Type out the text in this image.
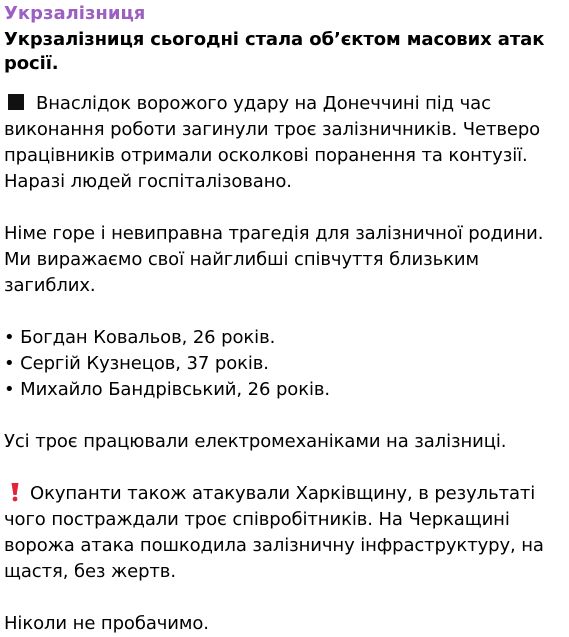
Укрзалізниця
Укрзалізниця сьогодні стала об’єктом масових атак росії.
Внаслідок ворожого удару на Донеччині під час
виконання роботи загинули троє залізничників. Четверо
працівників отримали осколкові поранення та контузії.
Наразі людей госпіталізовано.
Німе горе і невиправна трагедія для залізничної родини.
Ми виражаємо свої найглибші співчуття близьким
загиблих.
• Богдан Ковальов, 26 років.
• Сергій Кузнецов, 37 років.
• Михайло Бандрівський, 26 років.
Усі троє працювали електромеханіками на залізниці.
Окупанти також атакували Харківщину, в результаті
чого постраждали троє співробітників. На Черкащині
ворожа атака пошкодила залізничну інфраструктуру, на
щастя, без жертв.
Ніколи не пробачимо.
